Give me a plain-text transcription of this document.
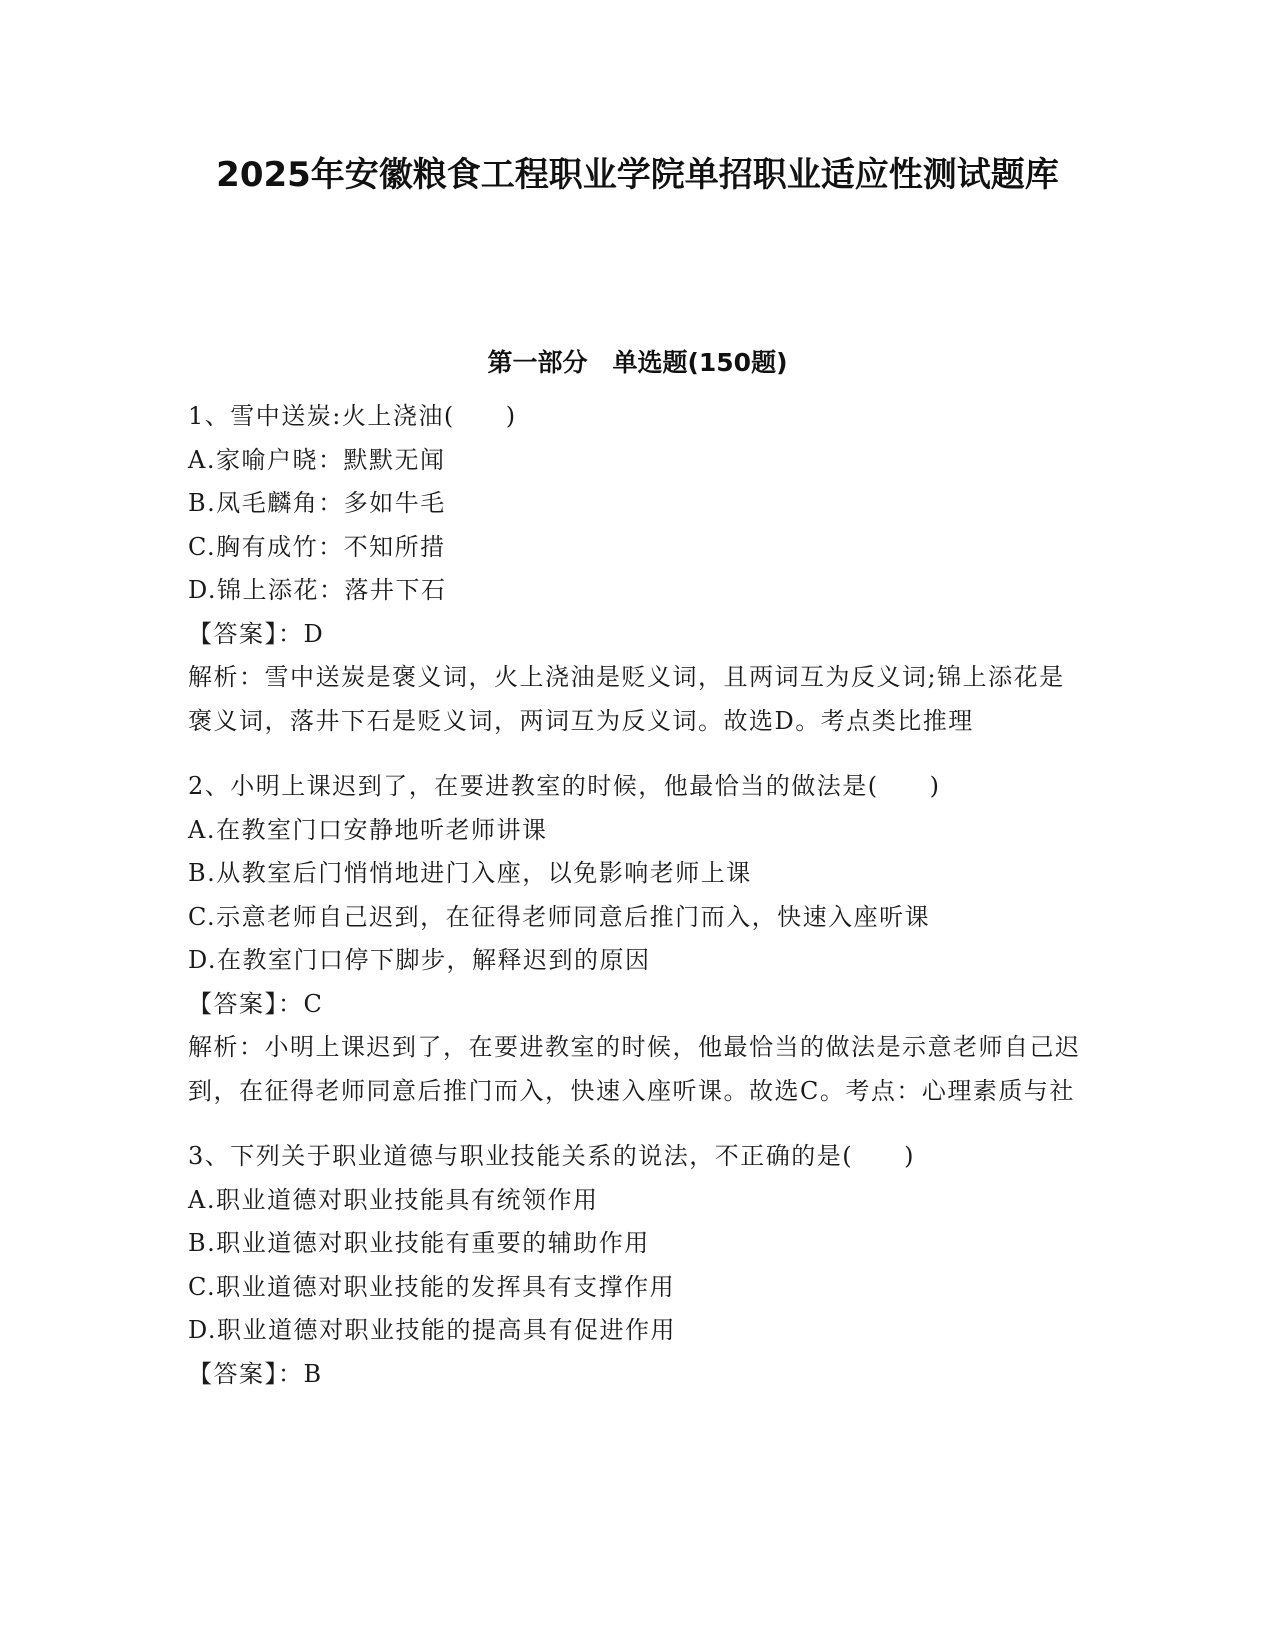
2025年安徽粮食工程职业学院单招职业适应性测试题库
第一部分　单选题(150题)
1、雪中送炭:火上浇油(　　)
A.家喻户晓：默默无闻
B.凤毛麟角：多如牛毛
C.胸有成竹：不知所措
D.锦上添花：落井下石
【答案】：D
解析：雪中送炭是褒义词，火上浇油是贬义词，且两词互为反义词;锦上添花是褒义词，落井下石是贬义词，两词互为反义词。故选D。考点类比推理
2、小明上课迟到了，在要进教室的时候，他最恰当的做法是(　　)
A.在教室门口安静地听老师讲课
B.从教室后门悄悄地进门入座，以免影响老师上课
C.示意老师自己迟到，在征得老师同意后推门而入，快速入座听课
D.在教室门口停下脚步，解释迟到的原因
【答案】：C
解析：小明上课迟到了，在要进教室的时候，他最恰当的做法是示意老师自己迟到，在征得老师同意后推门而入，快速入座听课。故选C。考点：心理素质与社
3、下列关于职业道德与职业技能关系的说法，不正确的是(　　)
A.职业道德对职业技能具有统领作用
B.职业道德对职业技能有重要的辅助作用
C.职业道德对职业技能的发挥具有支撑作用
D.职业道德对职业技能的提高具有促进作用
【答案】：B
